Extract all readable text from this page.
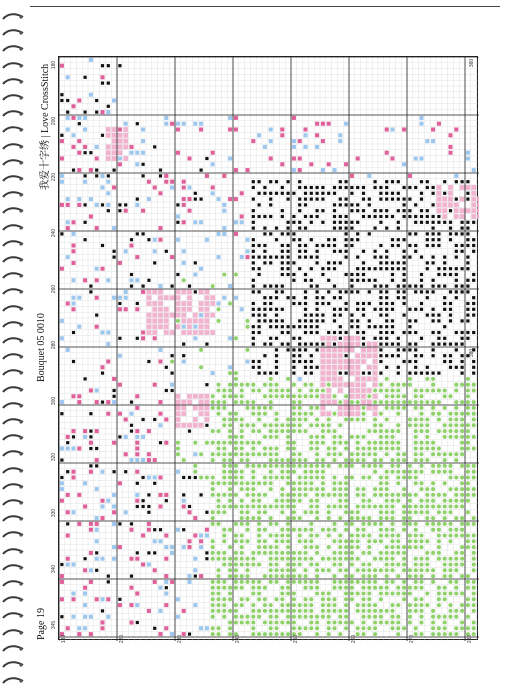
我爱十字绣 | Love CrossStitch
Bouquet 05 0010
Page 19
360
380
180
200
220
240
260
280
300
320
330
340
345
180	220	230	240	250	260	270	280
